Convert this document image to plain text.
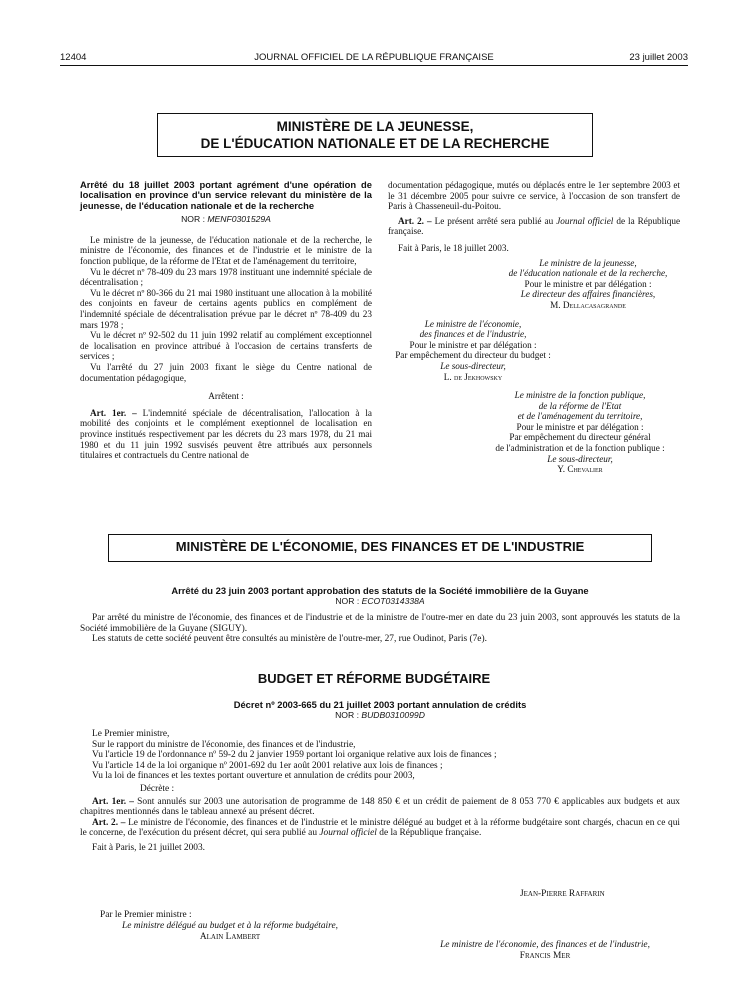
12404	JOURNAL OFFICIEL DE LA RÉPUBLIQUE FRANÇAISE	23 juillet 2003
MINISTÈRE DE LA JEUNESSE,
DE L'ÉDUCATION NATIONALE ET DE LA RECHERCHE

Arrêté du 18 juillet 2003 portant agrément d'une opération de localisation en province d'un service relevant du ministère de la jeunesse, de l'éducation nationale et de la recherche

NOR : MENF0301529A

Le ministre de la jeunesse, de l'éducation nationale et de la recherche, le ministre de l'économie, des finances et de l'industrie et le ministre de la fonction publique, de la réforme de l'Etat et de l'aménagement du territoire,

Vu le décret nº 78-409 du 23 mars 1978 instituant une indemnité spéciale de décentralisation ;

Vu le décret nº 80-366 du 21 mai 1980 instituant une allocation à la mobilité des conjoints en faveur de certains agents publics en complément de l'indemnité spéciale de décentralisation prévue par le décret nº 78-409 du 23 mars 1978 ;

Vu le décret nº 92-502 du 11 juin 1992 relatif au complément exceptionnel de localisation en province attribué à l'occasion de certains transferts de services ;

Vu l'arrêté du 27 juin 2003 fixant le siège du Centre national de documentation pédagogique,

Arrêtent :

Art. 1er. – L'indemnité spéciale de décentralisation, l'allocation à la mobilité des conjoints et le complément exeptionnel de localisation en province institués respectivement par les décrets du 23 mars 1978, du 21 mai 1980 et du 11 juin 1992 susvisés peuvent être attribués aux personnels titulaires et contractuels du Centre national de

documentation pédagogique, mutés ou déplacés entre le 1er septembre 2003 et le 31 décembre 2005 pour suivre ce service, à l'occasion de son transfert de Paris à Chasseneuil-du-Poitou.

Art. 2. – Le présent arrêté sera publié au Journal officiel de la République française.

Fait à Paris, le 18 juillet 2003.

Le ministre de la jeunesse,
de l'éducation nationale et de la recherche,
Pour le ministre et par délégation :
Le directeur des affaires financières,
M. Dellacasagrande
Le ministre de l'économie,
des finances et de l'industrie,
Pour le ministre et par délégation :
Par empêchement du directeur du budget :
Le sous-directeur,
L. de Jekhowsky
Le ministre de la fonction publique,
de la réforme de l'Etat
et de l'aménagement du territoire,
Pour le ministre et par délégation :
Par empêchement du directeur général
de l'administration et de la fonction publique :
Le sous-directeur,
Y. Chevalier
MINISTÈRE DE L'ÉCONOMIE, DES FINANCES ET DE L'INDUSTRIE

Arrêté du 23 juin 2003 portant approbation des statuts de la Société immobilière de la Guyane

NOR : ECOT0314338A

Par arrêté du ministre de l'économie, des finances et de l'industrie et de la ministre de l'outre-mer en date du 23 juin 2003, sont approuvés les statuts de la Société immobilière de la Guyane (SIGUY).

Les statuts de cette société peuvent être consultés au ministère de l'outre-mer, 27, rue Oudinot, Paris (7e).

BUDGET ET RÉFORME BUDGÉTAIRE

Décret nº 2003-665 du 21 juillet 2003 portant annulation de crédits

NOR : BUDB0310099D

Le Premier ministre,

Sur le rapport du ministre de l'économie, des finances et de l'industrie,

Vu l'article 19 de l'ordonnance nº 59-2 du 2 janvier 1959 portant loi organique relative aux lois de finances ;

Vu l'article 14 de la loi organique nº 2001-692 du 1er août 2001 relative aux lois de finances ;

Vu la loi de finances et les textes portant ouverture et annulation de crédits pour 2003,

Décrète :

Art. 1er. – Sont annulés sur 2003 une autorisation de programme de 148 850 € et un crédit de paiement de 8 053 770 € applicables aux budgets et aux chapitres mentionnés dans le tableau annexé au présent décret.

Art. 2. – Le ministre de l'économie, des finances et de l'industrie et le ministre délégué au budget et à la réforme budgétaire sont chargés, chacun en ce qui le concerne, de l'exécution du présent décret, qui sera publié au Journal officiel de la République française.

Fait à Paris, le 21 juillet 2003.

Jean-Pierre Raffarin
Par le Premier ministre :
Le ministre délégué au budget et à la réforme budgétaire,
Alain Lambert
Le ministre de l'économie, des finances et de l'industrie,
Francis Mer
